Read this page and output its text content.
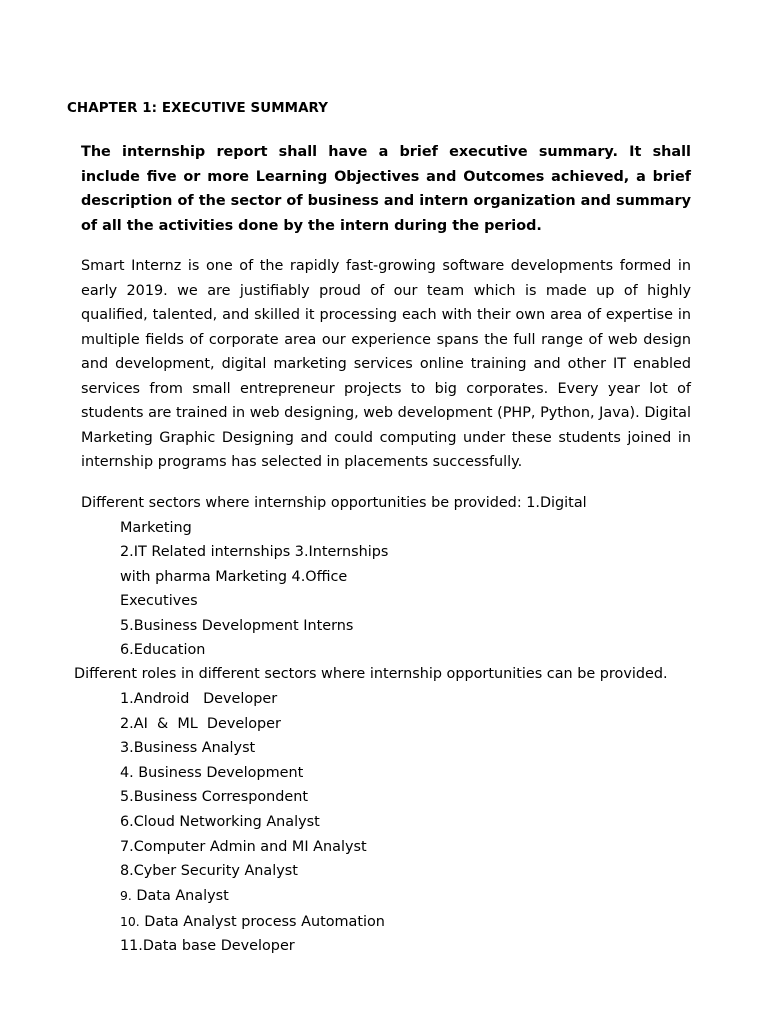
CHAPTER 1: EXECUTIVE SUMMARY

The internship report shall have a brief executive summary. It shall include five or more Learning Objectives and Outcomes achieved, a brief description of the sector of business and intern organization and summary of all the activities done by the intern during the period.

Smart Internz is one of the rapidly fast-growing software developments formed in early 2019. we are justifiably proud of our team which is made up of highly qualified, talented, and skilled it processing each with their own area of expertise in multiple fields of corporate area our experience spans the full range of web design and development, digital marketing services online training and other IT enabled services from small entrepreneur projects to big corporates. Every year lot of students are trained in web designing, web development (PHP, Python, Java). Digital Marketing Graphic Designing and could computing under these students joined in internship programs has selected in placements successfully.

Different sectors where internship opportunities be provided: 1.Digital
Marketing
2.IT Related internships 3.Internships
with pharma Marketing 4.Office
Executives
5.Business Development Interns
6.Education
Different roles in different sectors where internship opportunities can be provided.
1.Android   Developer
2.AI  &  ML  Developer
3.Business Analyst
4. Business Development
5.Business Correspondent
6.Cloud Networking Analyst
7.Computer Admin and MI Analyst
8.Cyber Security Analyst
9. Data Analyst
10. Data Analyst process Automation
11.Data base Developer
